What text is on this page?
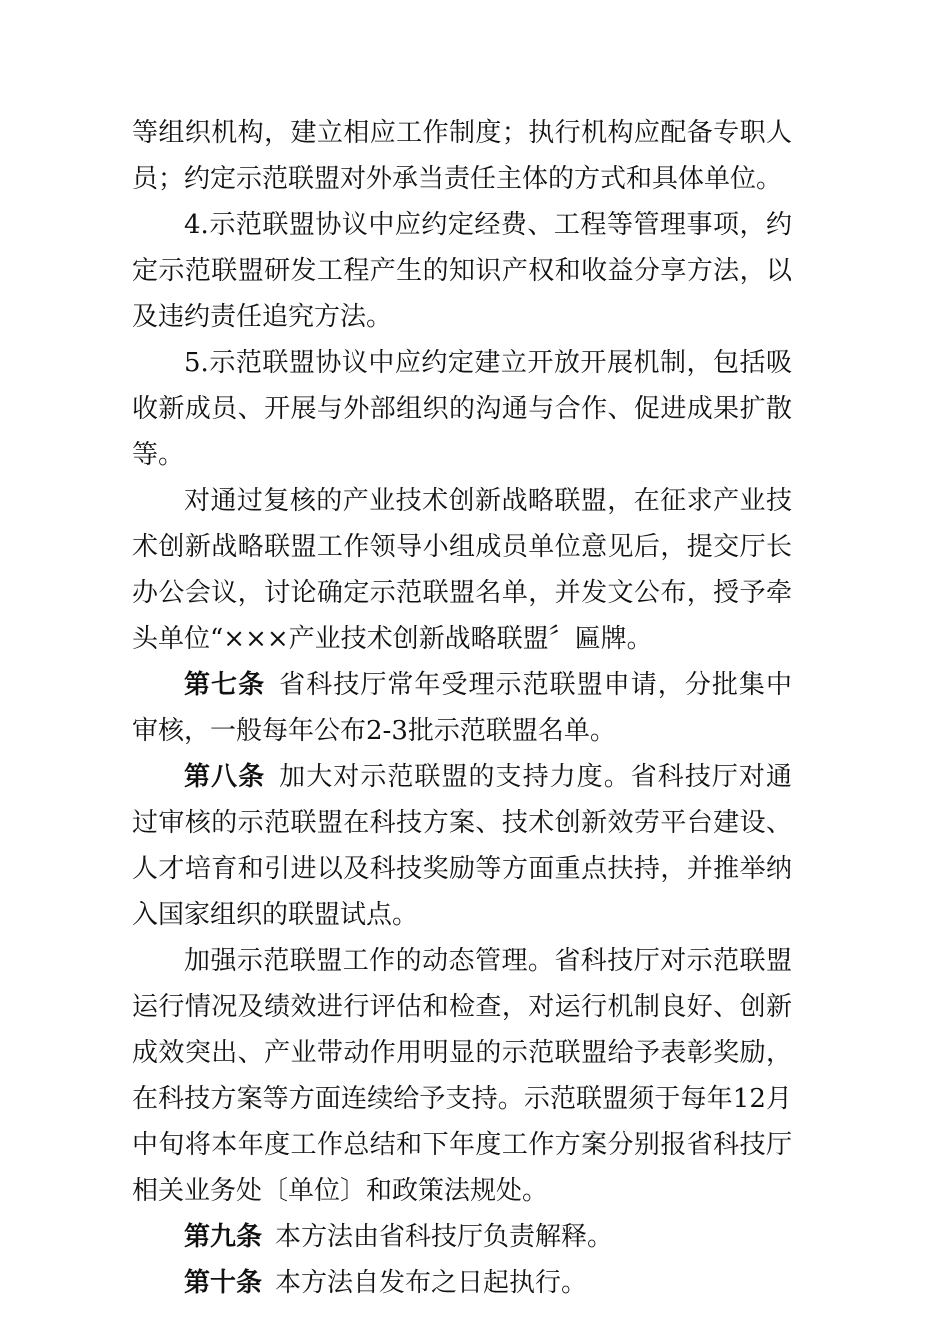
等组织机构，建立相应工作制度；执行机构应配备专职人员；约定示范联盟对外承当责任主体的方式和具体单位。

4.示范联盟协议中应约定经费、工程等管理事项，约定示范联盟研发工程产生的知识产权和收益分享方法，以及违约责任追究方法。

5.示范联盟协议中应约定建立开放开展机制，包括吸收新成员、开展与外部组织的沟通与合作、促进成果扩散等。

对通过复核的产业技术创新战略联盟，在征求产业技术创新战略联盟工作领导小组成员单位意见后，提交厅长办公会议，讨论确定示范联盟名单，并发文公布，授予牵头单位“×××产业技术创新战略联盟〞匾牌。

第七条 省科技厅常年受理示范联盟申请，分批集中审核，一般每年公布2-3批示范联盟名单。

第八条 加大对示范联盟的支持力度。省科技厅对通过审核的示范联盟在科技方案、技术创新效劳平台建设、人才培育和引进以及科技奖励等方面重点扶持，并推举纳入国家组织的联盟试点。

加强示范联盟工作的动态管理。省科技厅对示范联盟运行情况及绩效进行评估和检查，对运行机制良好、创新成效突出、产业带动作用明显的示范联盟给予表彰奖励，在科技方案等方面连续给予支持。示范联盟须于每年12月中旬将本年度工作总结和下年度工作方案分别报省科技厅相关业务处〔单位〕和政策法规处。

第九条 本方法由省科技厅负责解释。

第十条 本方法自发布之日起执行。
